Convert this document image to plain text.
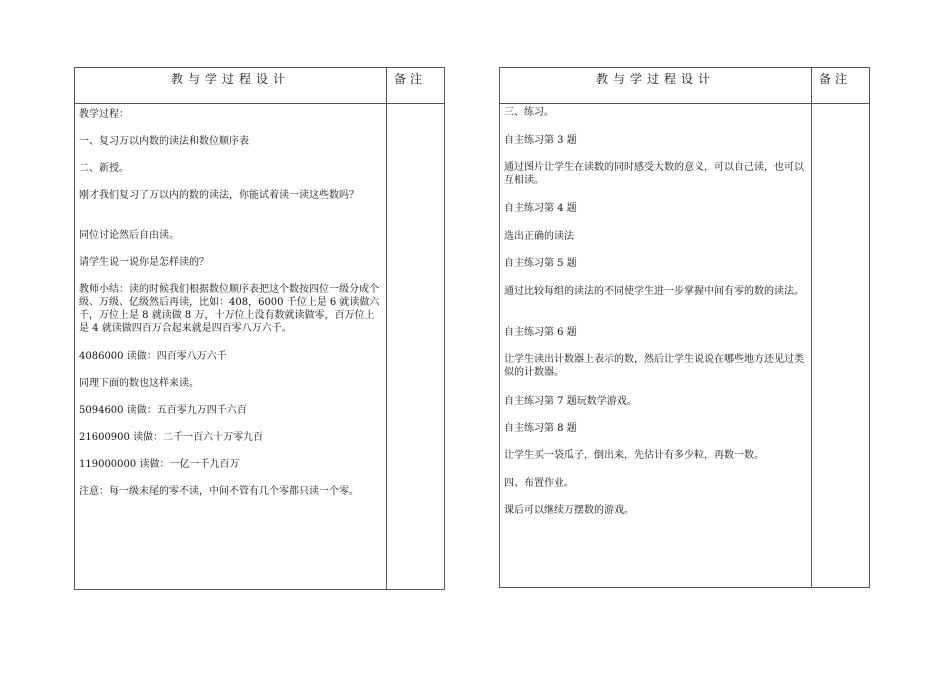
教与学过程设计	备注

教学过程：

一、复习万以内数的读法和数位顺序表

二、新授。

刚才我们复习了万以内的数的读法，你能试着读一读这些数吗？

同位讨论然后自由读。

请学生说一说你是怎样读的？

教师小结：读的时候我们根据数位顺序表把这个数按四位一级分成个级、万级、亿级然后再读，比如：408，6000 千位上是 6 就读做六千，万位上是 8 就读做 8 万，十万位上没有数就读做零，百万位上是 4 就读做四百万合起来就是四百零八万六千。

4086000 读做：四百零八万六千

同理下面的数也这样来读。

5094600 读做：五百零九万四千六百

21600900 读做：二千一百六十万零九百

119000000 读做：一亿一千九百万

注意：每一级末尾的零不读，中间不管有几个零都只读一个零。

教与学过程设计	备注

三、练习。

自主练习第 3 题

通过图片让学生在读数的同时感受大数的意义，可以自己读，也可以互相读。

自主练习第 4 题

选出正确的读法

自主练习第 5 题

通过比较每组的读法的不同使学生进一步掌握中间有零的数的读法。

自主练习第 6 题

让学生读出计数器上表示的数，然后让学生说说在哪些地方还见过类似的计数器。

自主练习第 7 题玩数学游戏。

自主练习第 8 题

让学生买一袋瓜子，倒出来，先估计有多少粒，再数一数。

四、布置作业。

课后可以继续万摆数的游戏。
